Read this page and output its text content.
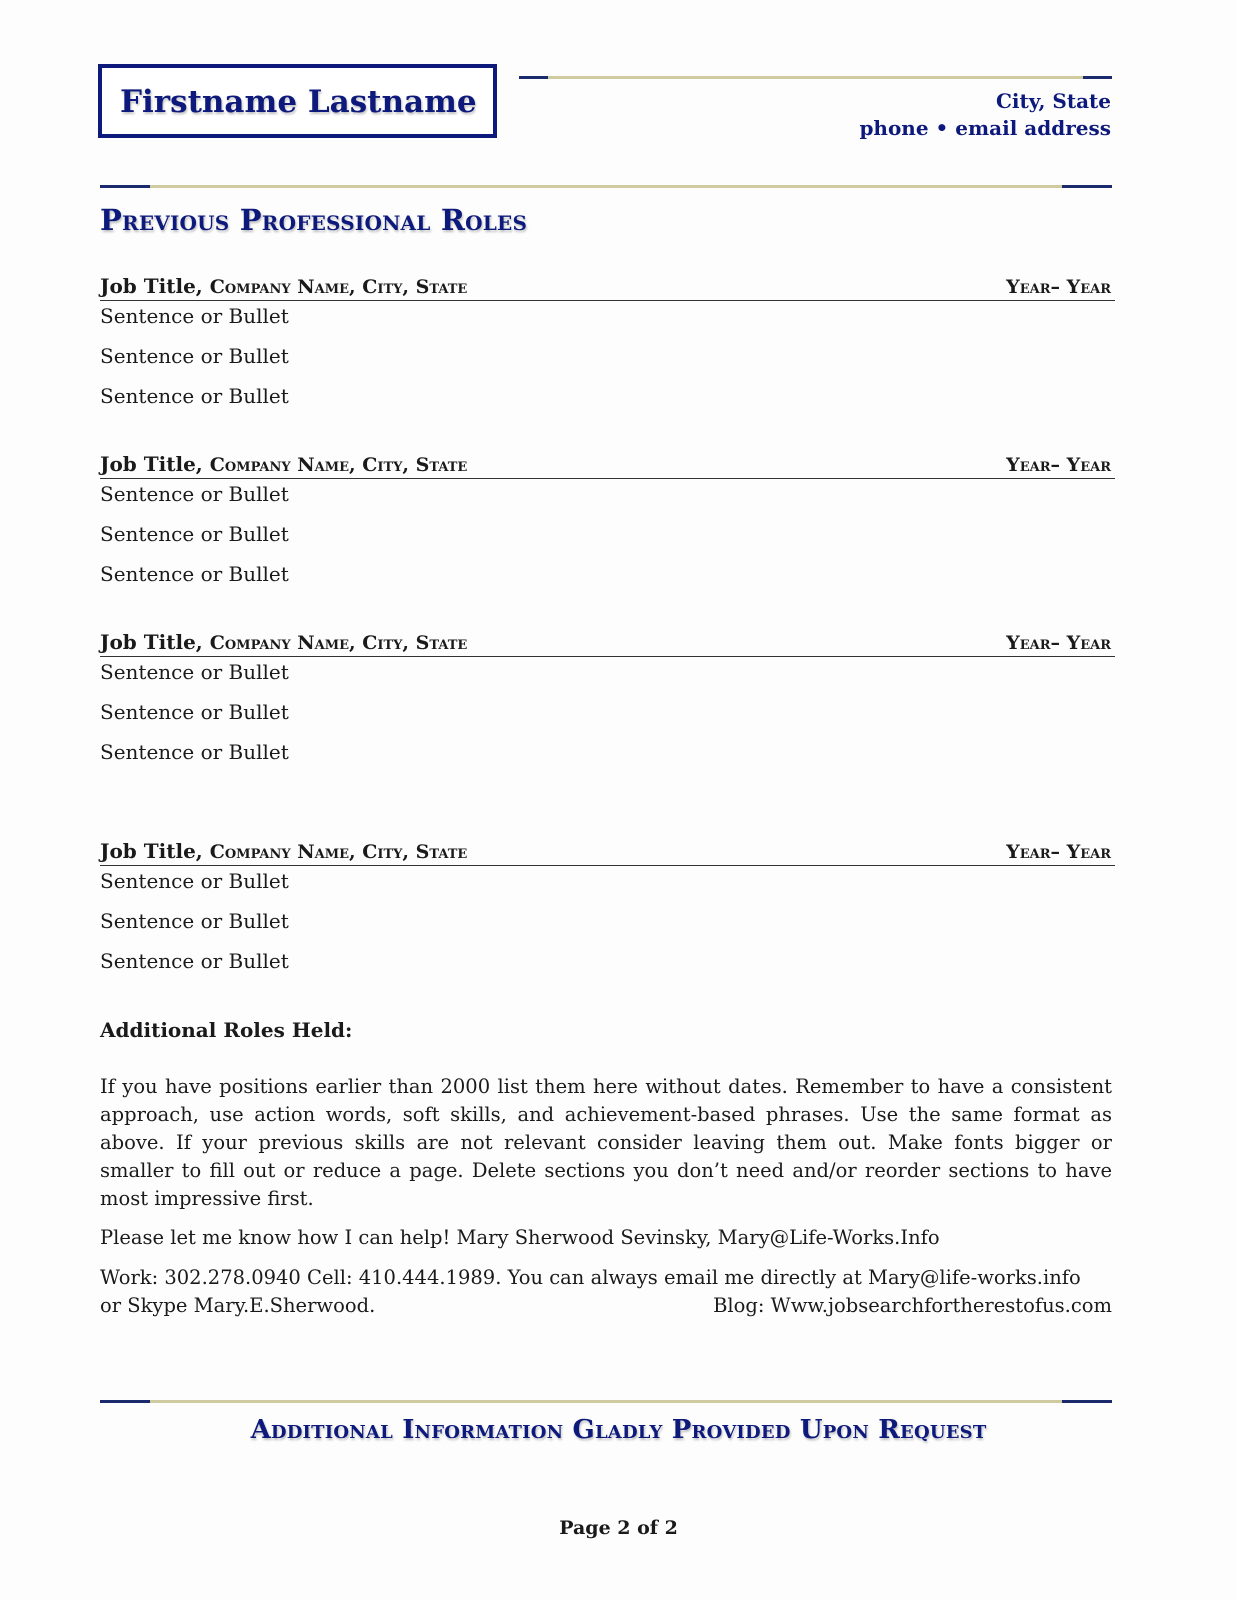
Firstname Lastname	City, State
phone • email address
Previous Professional Roles
Job Title, Company Name, City, State	Year– Year
Sentence or Bullet
Sentence or Bullet
Sentence or Bullet
Job Title, Company Name, City, State	Year– Year
Sentence or Bullet
Sentence or Bullet
Sentence or Bullet
Job Title, Company Name, City, State	Year– Year
Sentence or Bullet
Sentence or Bullet
Sentence or Bullet
Job Title, Company Name, City, State	Year– Year
Sentence or Bullet
Sentence or Bullet
Sentence or Bullet
Additional Roles Held:
If you have positions earlier than 2000 list them here without dates. Remember to have a consistent approach, use action words, soft skills, and achievement-based phrases. Use the same format as above. If your previous skills are not relevant consider leaving them out. Make fonts bigger or smaller to fill out or reduce a page. Delete sections you don’t need and/or reorder sections to have most impressive first.
Please let me know how I can help! Mary Sherwood Sevinsky, Mary@Life-Works.Info
Work: 302.278.0940 Cell: 410.444.1989. You can always email me directly at Mary@life-works.info
or Skype Mary.E.Sherwood.	Blog: Www.jobsearchfortherestofus.com
Additional Information Gladly Provided Upon Request
Page 2 of 2
